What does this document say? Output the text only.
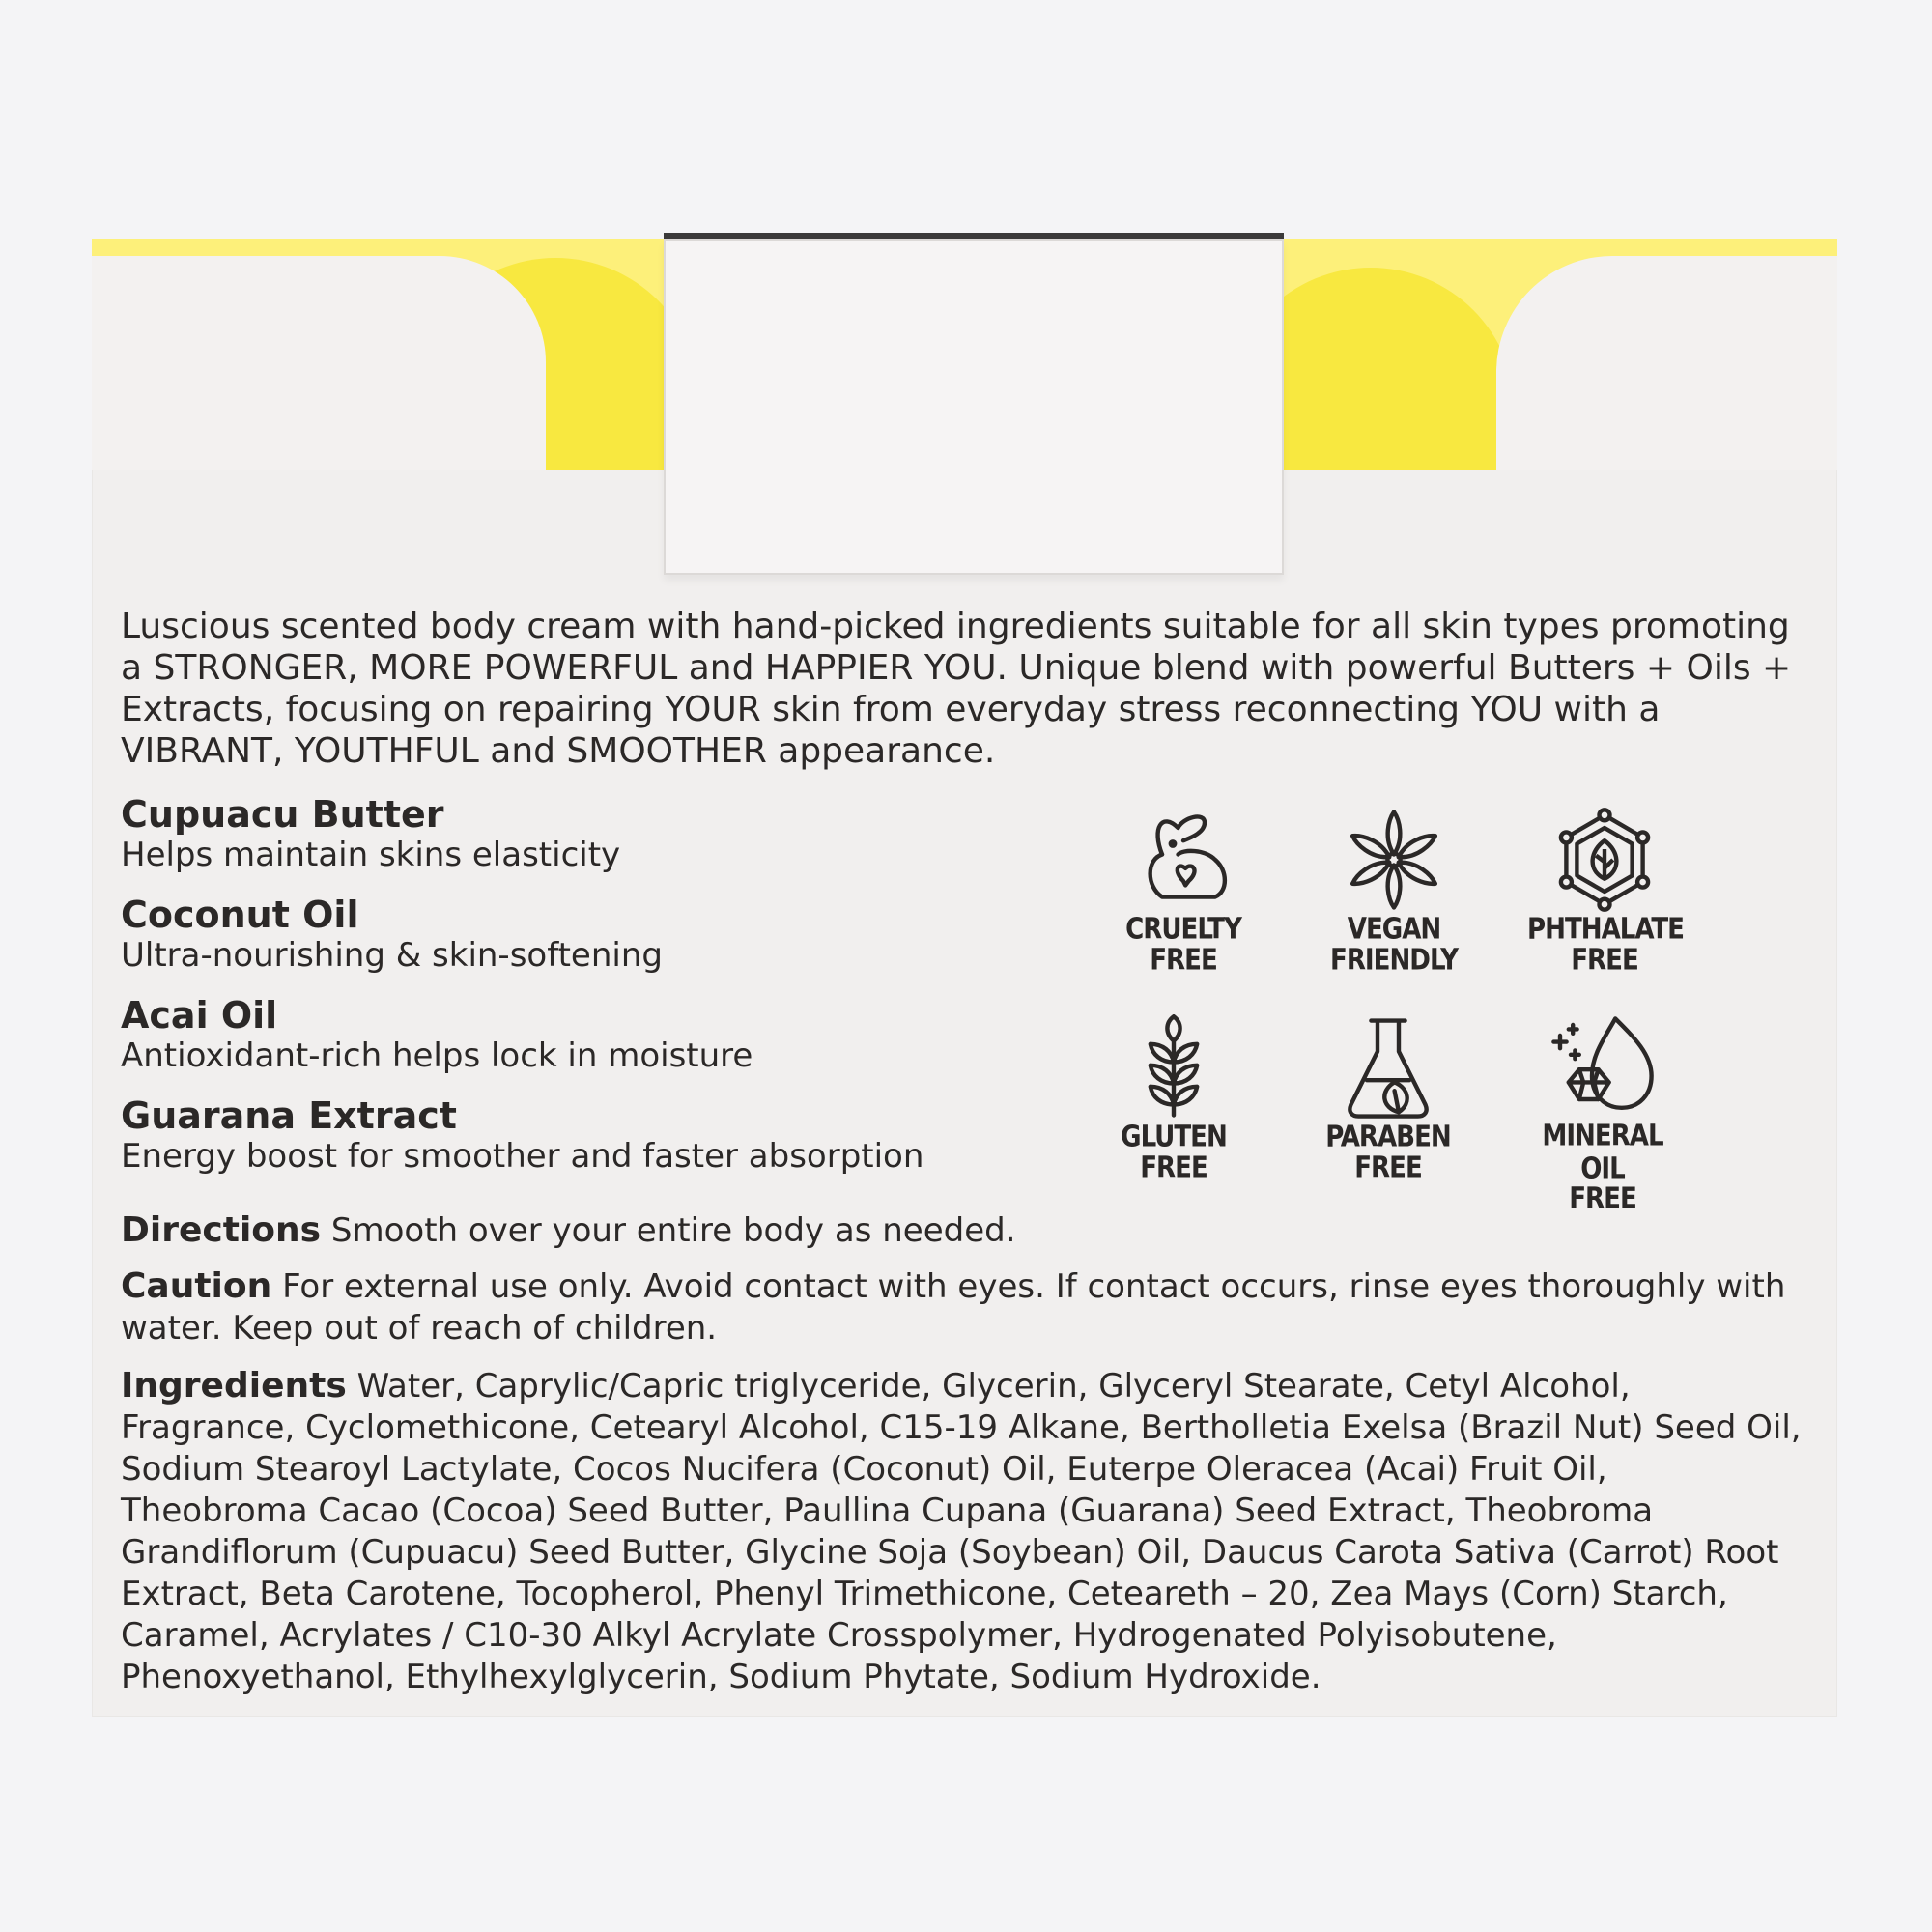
Luscious scented body cream with hand-picked ingredients suitable for all skin types promoting a STRONGER, MORE POWERFUL and HAPPIER YOU. Unique blend with powerful Butters + Oils + Extracts, focusing on repairing YOUR skin from everyday stress reconnecting YOU with a VIBRANT, YOUTHFUL and SMOOTHER appearance.

Cupuacu Butter

Helps maintain skins elasticity

Coconut Oil

Ultra-nourishing & skin-softening

Acai Oil

Antioxidant-rich helps lock in moisture

Guarana Extract

Energy boost for smoother and faster absorption

CRUELTY
FREE
VEGAN
FRIENDLY
PHTHALATE
FREE
GLUTEN
FREE
PARABEN
FREE
MINERAL OIL
FREE
Directions Smooth over your entire body as needed.
Caution For external use only. Avoid contact with eyes. If contact occurs, rinse eyes thoroughly with water. Keep out of reach of children.
Ingredients Water, Caprylic/Capric triglyceride, Glycerin, Glyceryl Stearate, Cetyl Alcohol, Fragrance, Cyclomethicone, Cetearyl Alcohol, C15-19 Alkane, Bertholletia Exelsa (Brazil Nut) Seed Oil, Sodium Stearoyl Lactylate, Cocos Nucifera (Coconut) Oil, Euterpe Oleracea (Acai) Fruit Oil, Theobroma Cacao (Cocoa) Seed Butter, Paullina Cupana (Guarana) Seed Extract, Theobroma Grandiflorum (Cupuacu) Seed Butter, Glycine Soja (Soybean) Oil, Daucus Carota Sativa (Carrot) Root Extract, Beta Carotene, Tocopherol, Phenyl Trimethicone, Ceteareth – 20, Zea Mays (Corn) Starch, Caramel, Acrylates / C10-30 Alkyl Acrylate Crosspolymer, Hydrogenated Polyisobutene, Phenoxyethanol, Ethylhexylglycerin, Sodium Phytate, Sodium Hydroxide.
